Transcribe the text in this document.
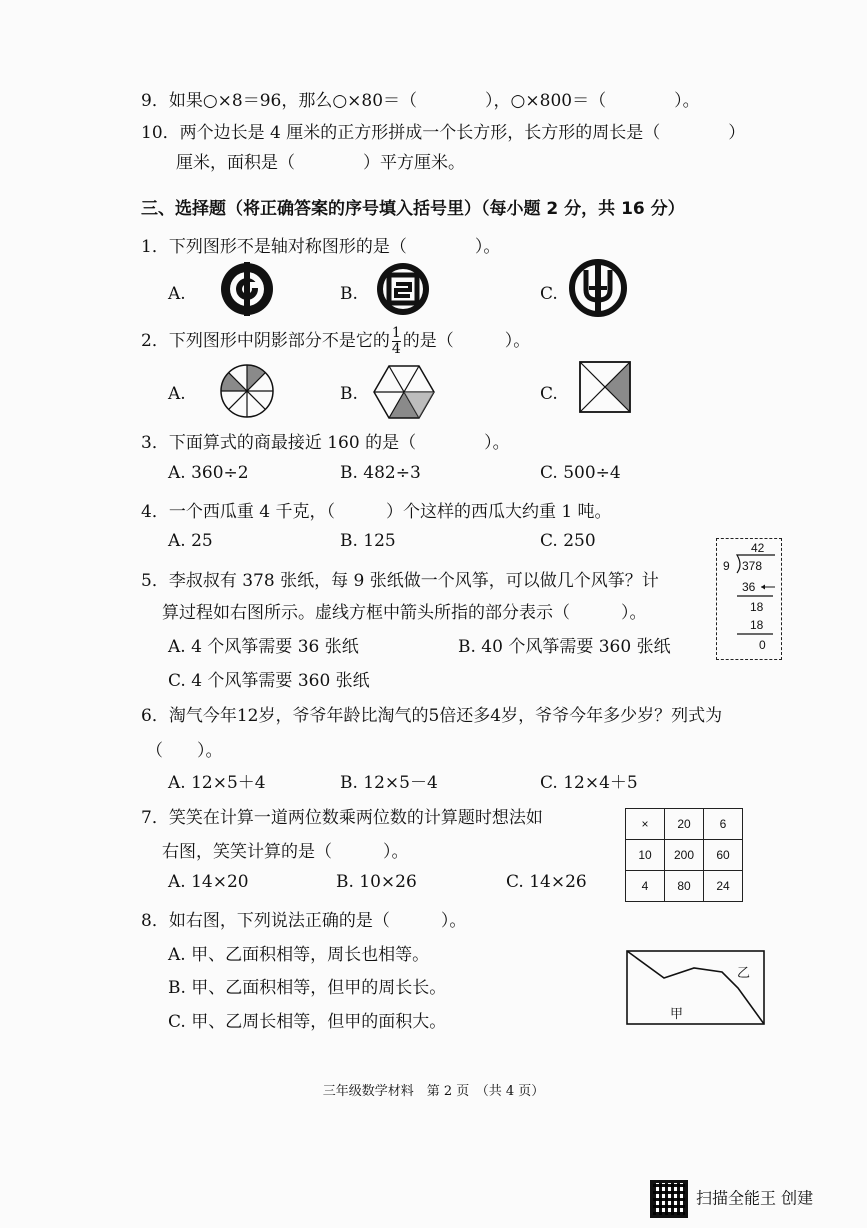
9．如果○×8＝96，那么○×80＝（　　　　），○×800＝（　　　　）。
10．两个边长是 4 厘米的正方形拼成一个长方形，长方形的周长是（　　　　）
厘米，面积是（　　　　）平方厘米。
三、选择题（将正确答案的序号填入括号里）（每小题 2 分，共 16 分）
1．下列图形不是轴对称图形的是（　　　　）。
A.	B.	C.
2．下列图形中阴影部分不是它的 $\frac{1}{4}$ 的是（　　　）。
A.	B.	C.
3．下面算式的商最接近 160 的是（　　　　）。
A. 360÷2	B. 482÷3	C. 500÷4
4．一个西瓜重 4 千克，（　　　）个这样的西瓜大约重 1 吨。
A. 25	B. 125	C. 250
5．李叔叔有 378 张纸，每 9 张纸做一个风筝，可以做几个风筝？计
算过程如右图所示。虚线方框中箭头所指的部分表示（　　　）。
A. 4 个风筝需要 36 张纸	B. 40 个风筝需要 360 张纸
C. 4 个风筝需要 360 张纸
42
9 378
36
18
18
0
6．淘气今年12岁，爷爷年龄比淘气的5倍还多4岁，爷爷今年多少岁？列式为
（　　）。
A. 12×5＋4	B. 12×5－4	C. 12×4＋5
7．笑笑在计算一道两位数乘两位数的计算题时想法如
右图，笑笑计算的是（　　　）。
A. 14×20	B. 10×26	C. 14×26
×	20	6
10	200	60
4	80	24
8．如右图，下列说法正确的是（　　　）。
A. 甲、乙面积相等，周长也相等。
B. 甲、乙面积相等，但甲的周长长。
C. 甲、乙周长相等，但甲的面积大。	甲
乙
三年级数学材料　第 2 页　（共 4 页）
扫描全能王 创建
